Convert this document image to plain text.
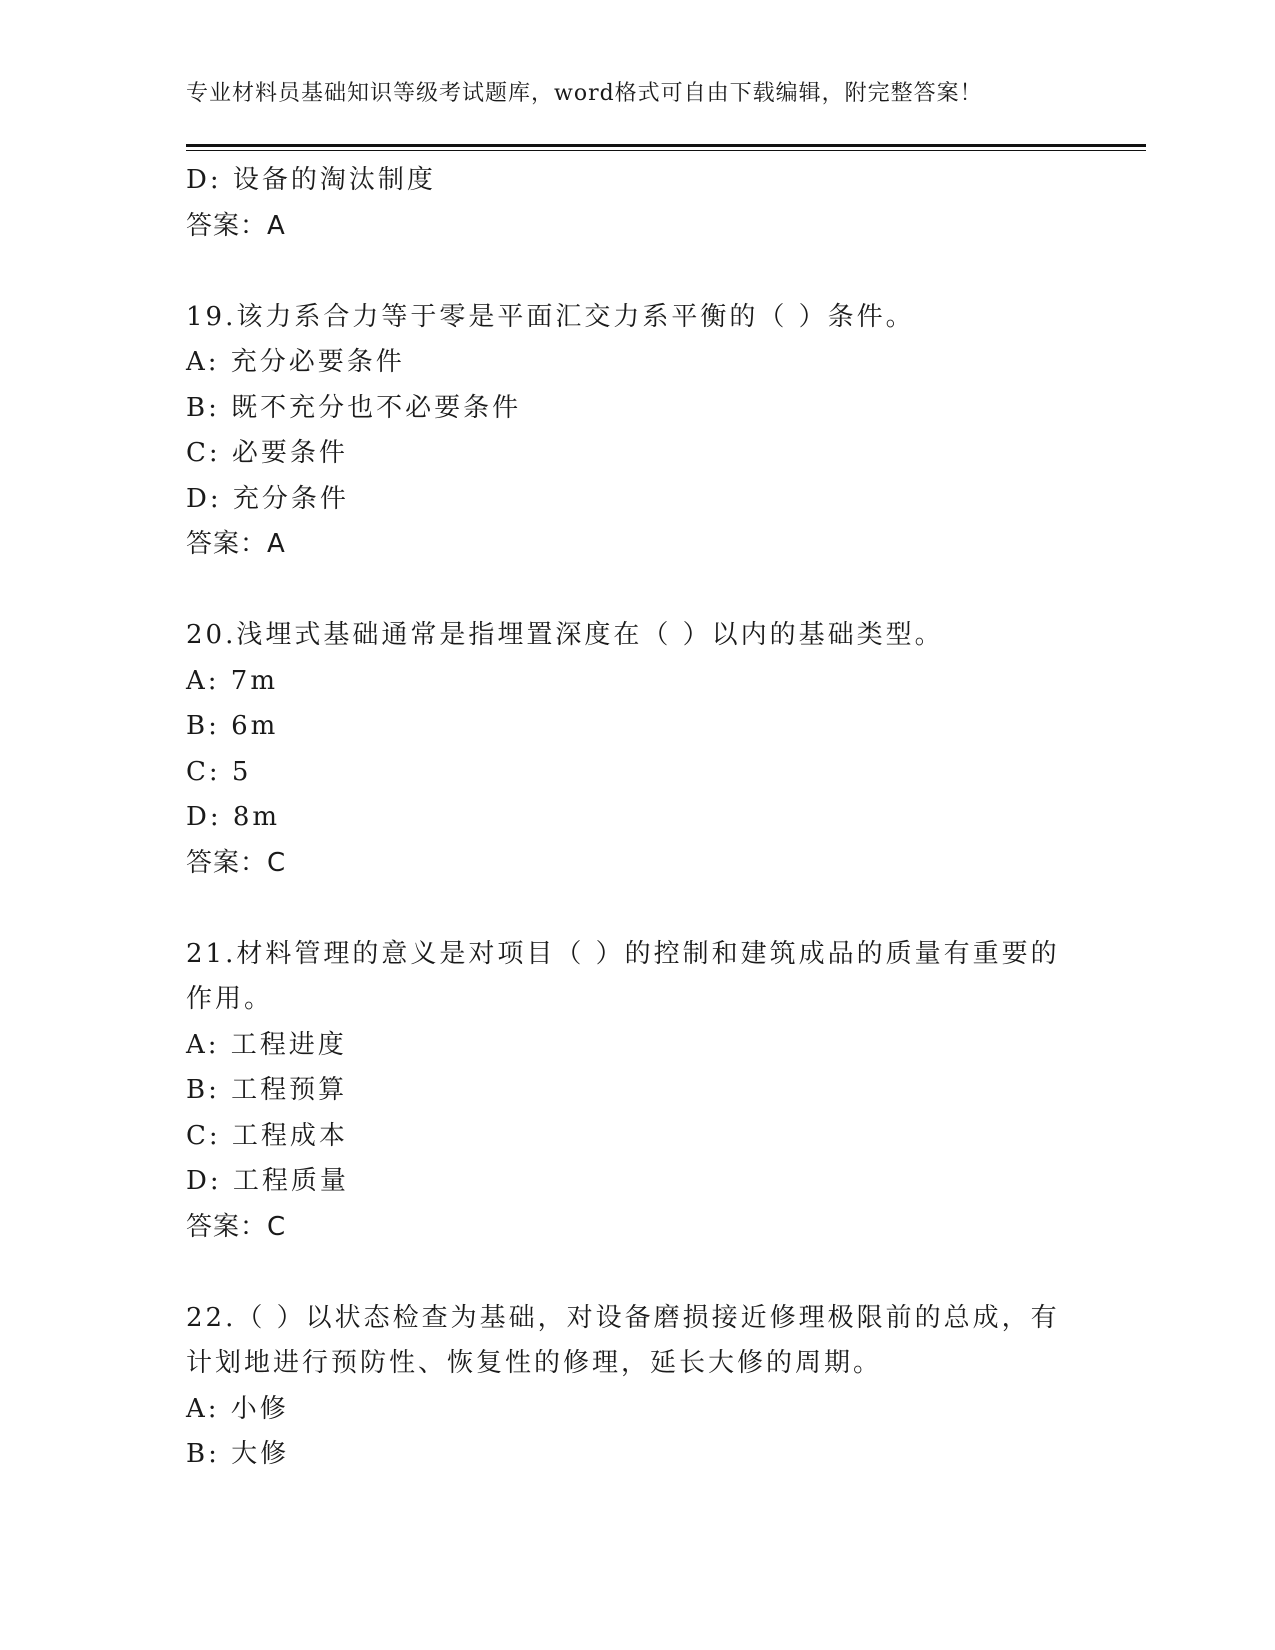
专业材料员基础知识等级考试题库，word格式可自由下载编辑，附完整答案！
D: 设备的淘汰制度
答案：A
19.该力系合力等于零是平面汇交力系平衡的（ ）条件。
A: 充分必要条件
B: 既不充分也不必要条件
C: 必要条件
D: 充分条件
答案：A
20.浅埋式基础通常是指埋置深度在（ ）以内的基础类型。
A: 7m
B: 6m
C: 5
D: 8m
答案：C
21.材料管理的意义是对项目（ ）的控制和建筑成品的质量有重要的
作用。
A: 工程进度
B: 工程预算
C: 工程成本
D: 工程质量
答案：C
22.（ ）以状态检查为基础，对设备磨损接近修理极限前的总成，有
计划地进行预防性、恢复性的修理，延长大修的周期。
A: 小修
B: 大修
